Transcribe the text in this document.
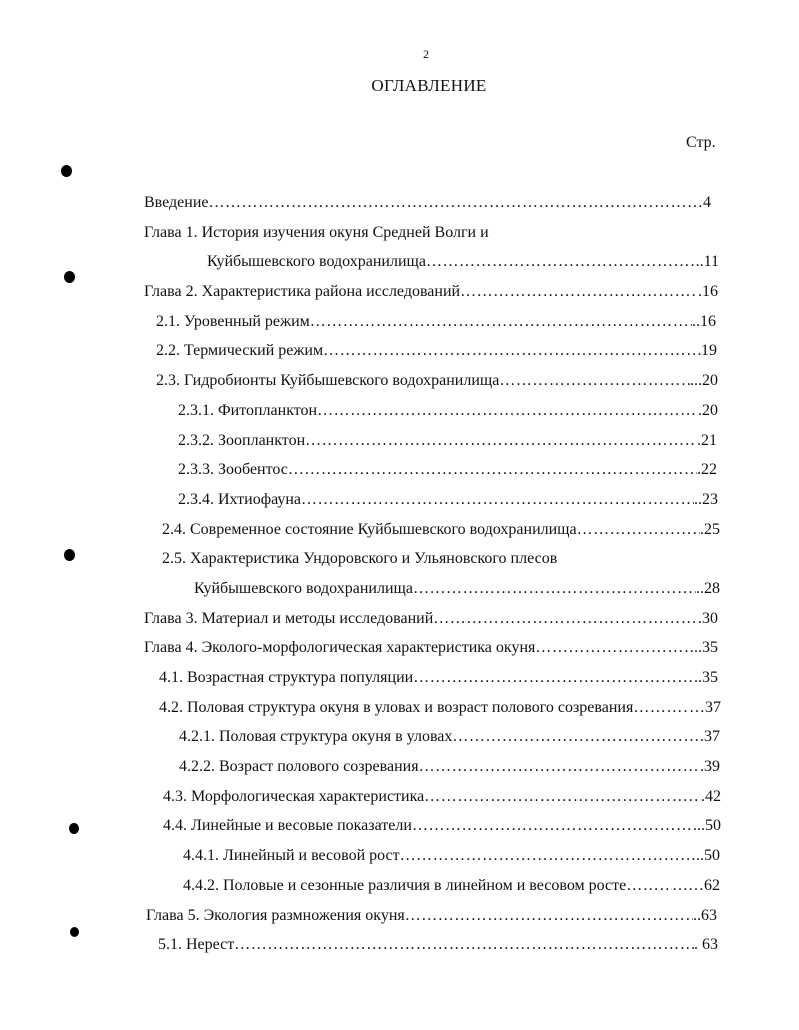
2
ОГЛАВЛЕНИЕ
Стр.
Введение ………………………………………………………………………………………………………………………………………………	4
Глава 1. История изучения окуня Средней Волги и
Куйбышевского водохранилища ………………………………………………………………………………………………………………………………………………	..11
Глава 2. Характеристика района исследований ………………………………………………………………………………………………………………………………………………	.16
2.1. Уровенный режим ………………………………………………………………………………………………………………………………………………	..16
2.2. Термический режим ………………………………………………………………………………………………………………………………………………	19
2.3. Гидробионты Куйбышевского водохранилища ………………………………………………………………………………………………………………………………………………	...20
2.3.1. Фитопланктон ………………………………………………………………………………………………………………………………………………	.20
2.3.2. Зоопланктон ………………………………………………………………………………………………………………………………………………	.21
2.3.3. Зообентос ………………………………………………………………………………………………………………………………………………	.22
2.3.4. Ихтиофауна ………………………………………………………………………………………………………………………………………………	..23
2.4. Современное состояние Куйбышевского водохранилища ………………………………………………………………………………………………………………………………………………	.25
2.5. Характеристика Ундоровского и Ульяновского плесов
Куйбышевского водохранилища ………………………………………………………………………………………………………………………………………………	..28
Глава 3. Материал и методы исследований ………………………………………………………………………………………………………………………………………………	30
Глава 4. Эколого-морфологическая характеристика окуня ………………………………………………………………………………………………………………………………………………	..35
4.1. Возрастная структура популяции ………………………………………………………………………………………………………………………………………………	..35
4.2. Половая структура окуня в уловах и возраст полового созревания ………………………………………………………………………………………………………………………………………………	…37
4.2.1. Половая структура окуня в уловах ………………………………………………………………………………………………………………………………………………	.37
4.2.2. Возраст полового созревания ………………………………………………………………………………………………………………………………………………	.39
4.3. Морфологическая характеристика ………………………………………………………………………………………………………………………………………………	.42
4.4. Линейные и весовые показатели ………………………………………………………………………………………………………………………………………………	...50
4.4.1. Линейный и весовой рост ………………………………………………………………………………………………………………………………………………	..50
4.4.2. Половые и сезонные различия в линейном и весовом росте ………………………………………………………………………………………………………………………………………………	……62
Глава 5. Экология размножения окуня ………………………………………………………………………………………………………………………………………………	..63
5.1. Нерест ………………………………………………………………………………………………………………………………………………	. 63
